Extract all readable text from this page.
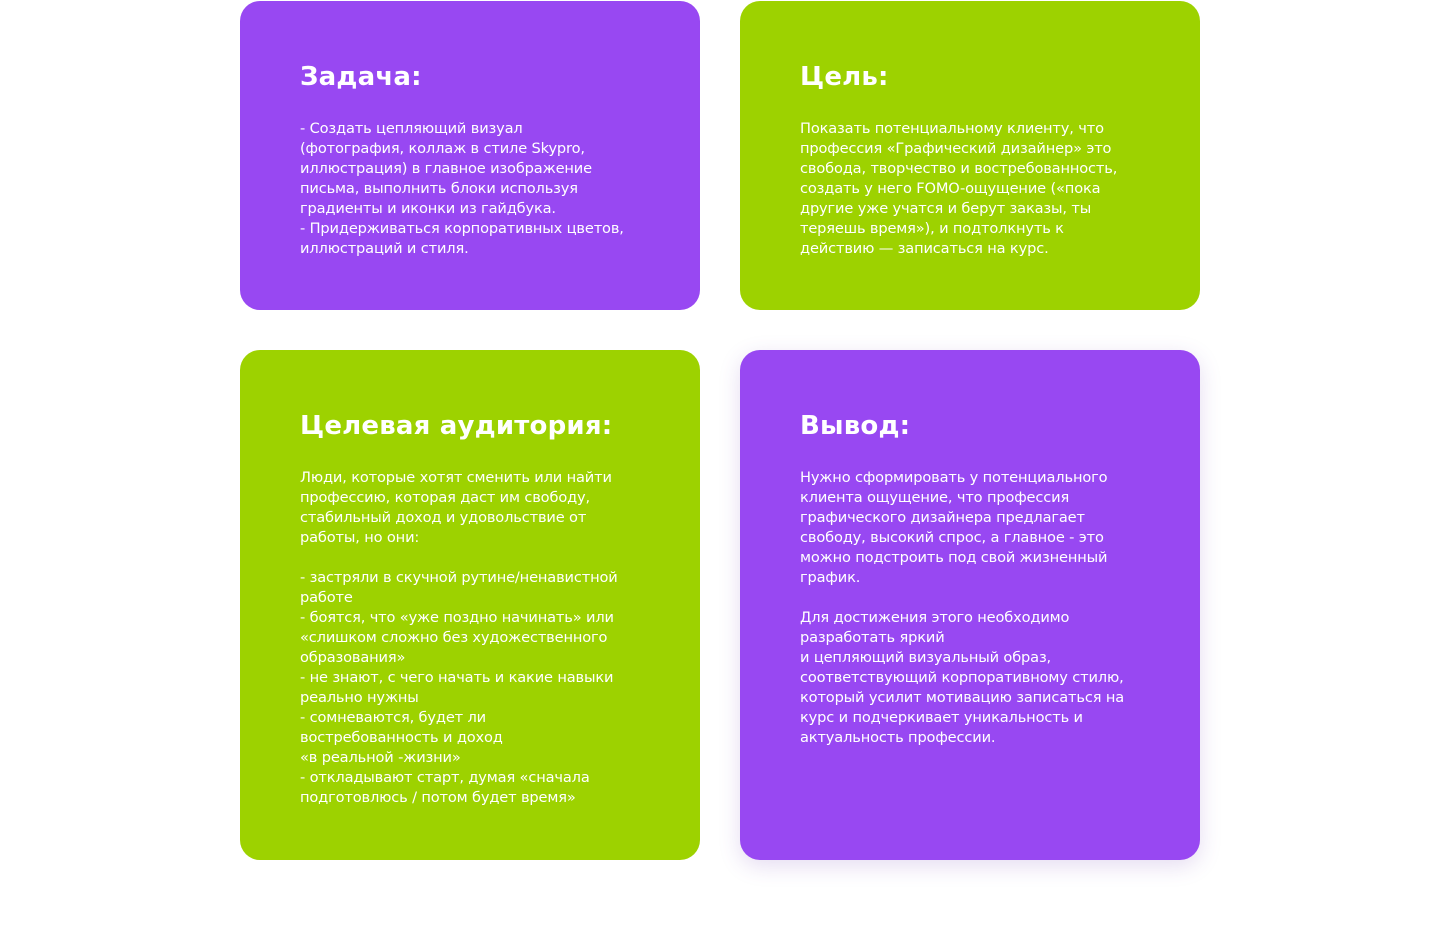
Задача:

- Создать цепляющий визуал
(фотография, коллаж в стиле Skypro,
иллюстрация) в главное изображение
письма, выполнить блоки используя
градиенты и иконки из гайдбука.
- Придерживаться корпоративных цветов,
иллюстраций и стиля.

Цель:

Показать потенциальному клиенту, что
профессия «Графический дизайнер» это
свобода, творчество и востребованность,
создать у него FOMO-ощущение («пока
другие уже учатся и берут заказы, ты
теряешь время»), и подтолкнуть к
действию — записаться на курс.

Целевая аудитория:

Люди, которые хотят сменить или найти
профессию, которая даст им свободу,
стабильный доход и удовольствие от
работы, но они:

- застряли в скучной рутине/ненавистной
работе
- боятся, что «уже поздно начинать» или
«слишком сложно без художественного
образования»
- не знают, с чего начать и какие навыки
реально нужны
- сомневаются, будет ли
востребованность и доход
«в реальной -жизни»
- откладывают старт, думая «сначала
подготовлюсь / потом будет время»

Вывод:

Нужно сформировать у потенциального
клиента ощущение, что профессия
графического дизайнера предлагает
свободу, высокий спрос, а главное - это
можно подстроить под свой жизненный
график.

Для достижения этого необходимо
разработать яркий
и цепляющий визуальный образ,
соответствующий корпоративному стилю,
который усилит мотивацию записаться на
курс и подчеркивает уникальность и
актуальность профессии.
